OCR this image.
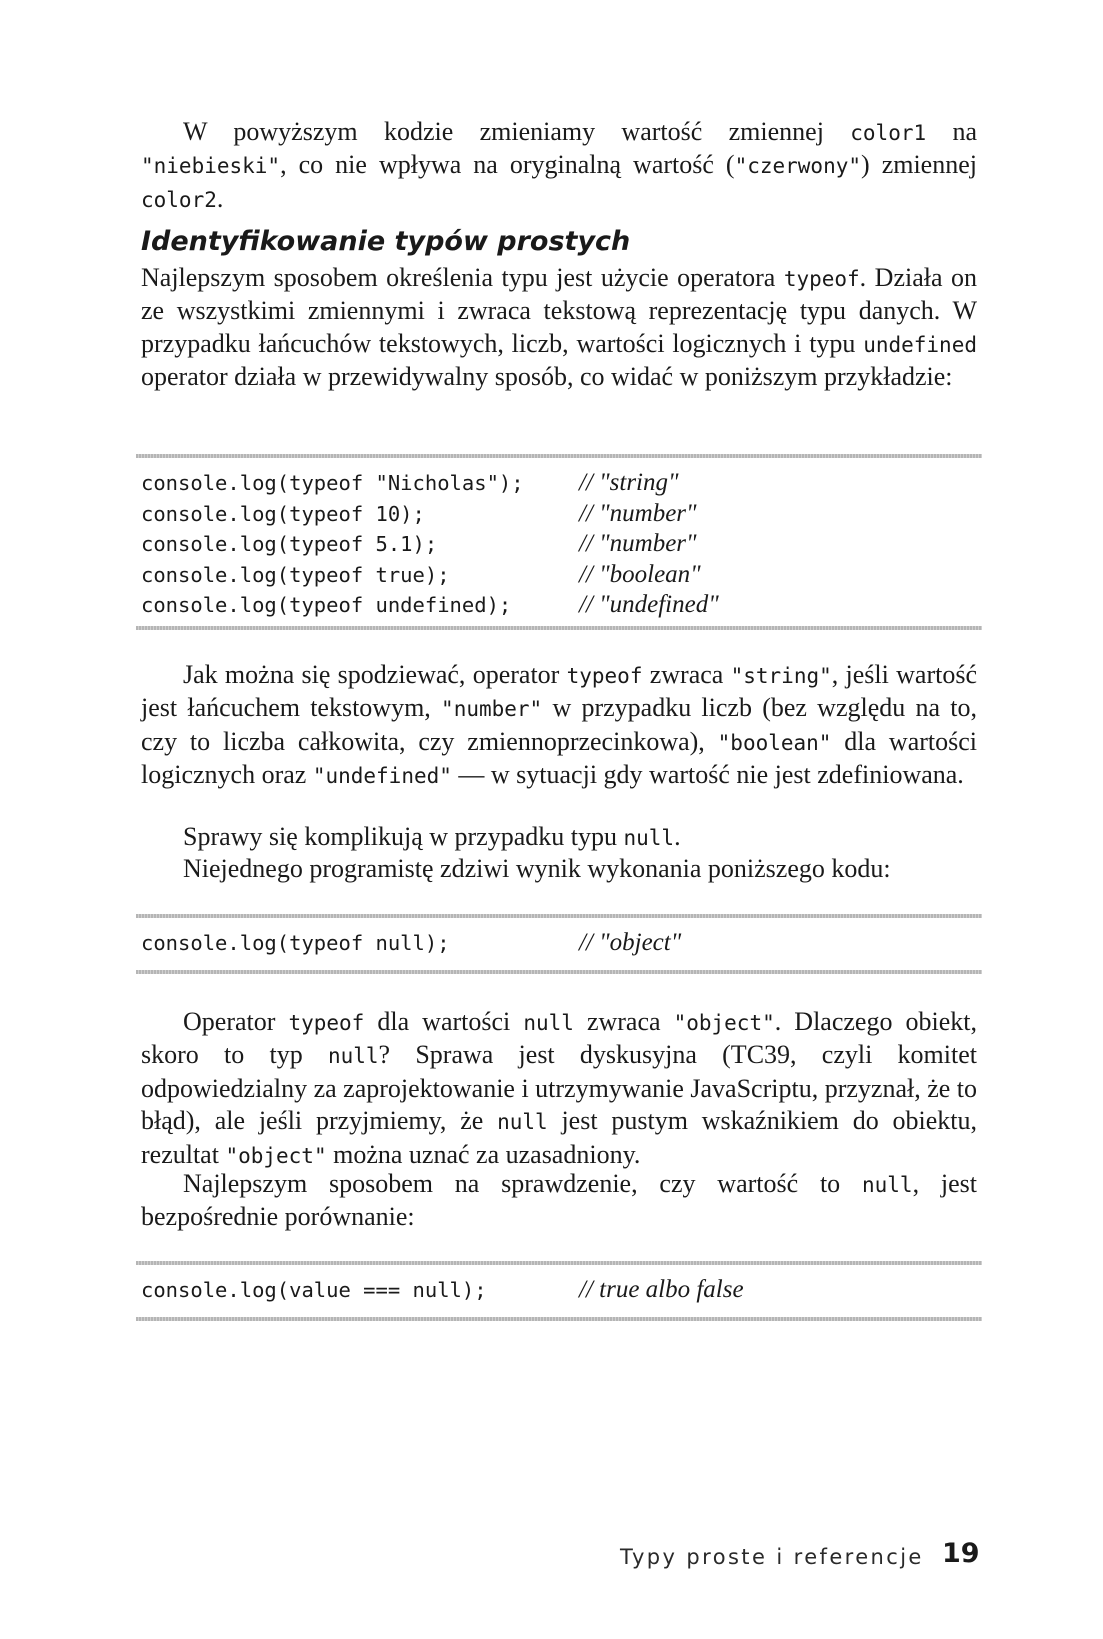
W powyższym kodzie zmieniamy wartość zmiennej color1 na "niebieski", co nie wpływa na oryginalną wartość ("czerwony") zmiennej color2.

Identyfikowanie typów prostych

Najlepszym sposobem określenia typu jest użycie operatora typeof. Działa on ze wszystkimi zmiennymi i zwraca tekstową reprezentację typu danych. W przypadku łańcuchów tekstowych, liczb, wartości logicznych i typu undefined operator działa w przewidywalny sposób, co widać w poniższym przykładzie:

console.log(typeof "Nicholas"); // "string"
console.log(typeof 10);	// "number"
console.log(typeof 5.1);	// "number"
console.log(typeof true);	// "boolean"
console.log(typeof undefined);	// "undefined"

Jak można się spodziewać, operator typeof zwraca "string", jeśli wartość jest łańcuchem tekstowym, "number" w przypadku liczb (bez względu na to, czy to liczba całkowita, czy zmiennoprzecinkowa), "boolean" dla wartości logicznych oraz "undefined" — w sytuacji gdy wartość nie jest zdefiniowana.

Sprawy się komplikują w przypadku typu null.

Niejednego programistę zdziwi wynik wykonania poniższego kodu:

console.log(typeof null);	// "object"

Operator typeof dla wartości null zwraca "object". Dlaczego obiekt, skoro to typ null? Sprawa jest dyskusyjna (TC39, czyli komitet odpowiedzialny za zaprojektowanie i utrzymywanie JavaScriptu, przyznał, że to błąd), ale jeśli przyjmiemy, że null jest pustym wskaźnikiem do obiektu, rezultat "object" można uznać za uzasadniony.

Najlepszym sposobem na sprawdzenie, czy wartość to null, jest bezpośrednie porównanie:

console.log(value === null);	// true albo false
Typy proste i referencje 19
